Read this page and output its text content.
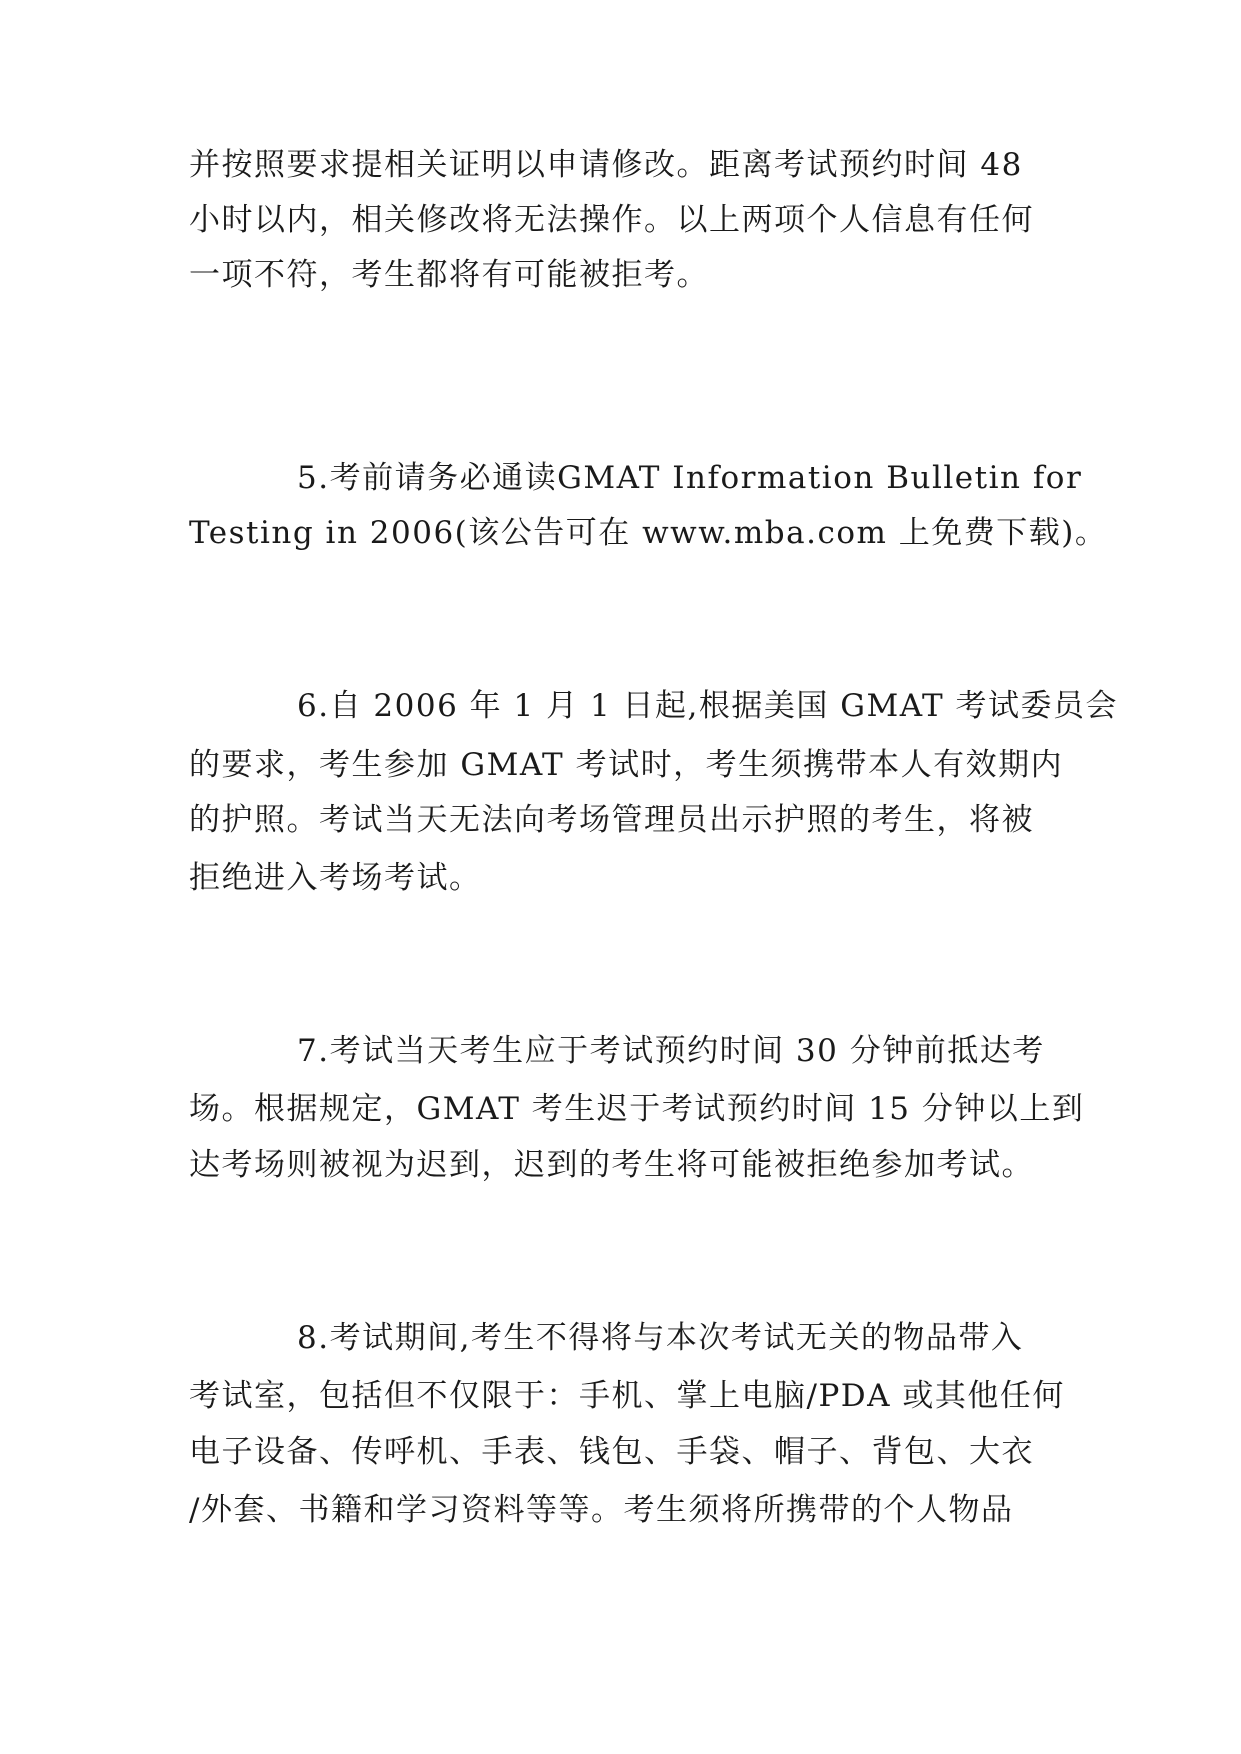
并按照要求提相关证明以申请修改。距离考试预约时间 48
小时以内，相关修改将无法操作。以上两项个人信息有任何
一项不符，考生都将有可能被拒考。
5.考前请务必通读GMAT Information Bulletin for
Testing in 2006(该公告可在 www.mba.com 上免费下载)。
6.自 2006 年 1 月 1 日起,根据美国 GMAT 考试委员会
的要求，考生参加 GMAT 考试时，考生须携带本人有效期内
的护照。考试当天无法向考场管理员出示护照的考生，将被
拒绝进入考场考试。
7.考试当天考生应于考试预约时间 30 分钟前抵达考
场。根据规定，GMAT 考生迟于考试预约时间 15 分钟以上到
达考场则被视为迟到，迟到的考生将可能被拒绝参加考试。
8.考试期间,考生不得将与本次考试无关的物品带入
考试室，包括但不仅限于：手机、掌上电脑/PDA 或其他任何
电子设备、传呼机、手表、钱包、手袋、帽子、背包、大衣
/外套、书籍和学习资料等等。考生须将所携带的个人物品
